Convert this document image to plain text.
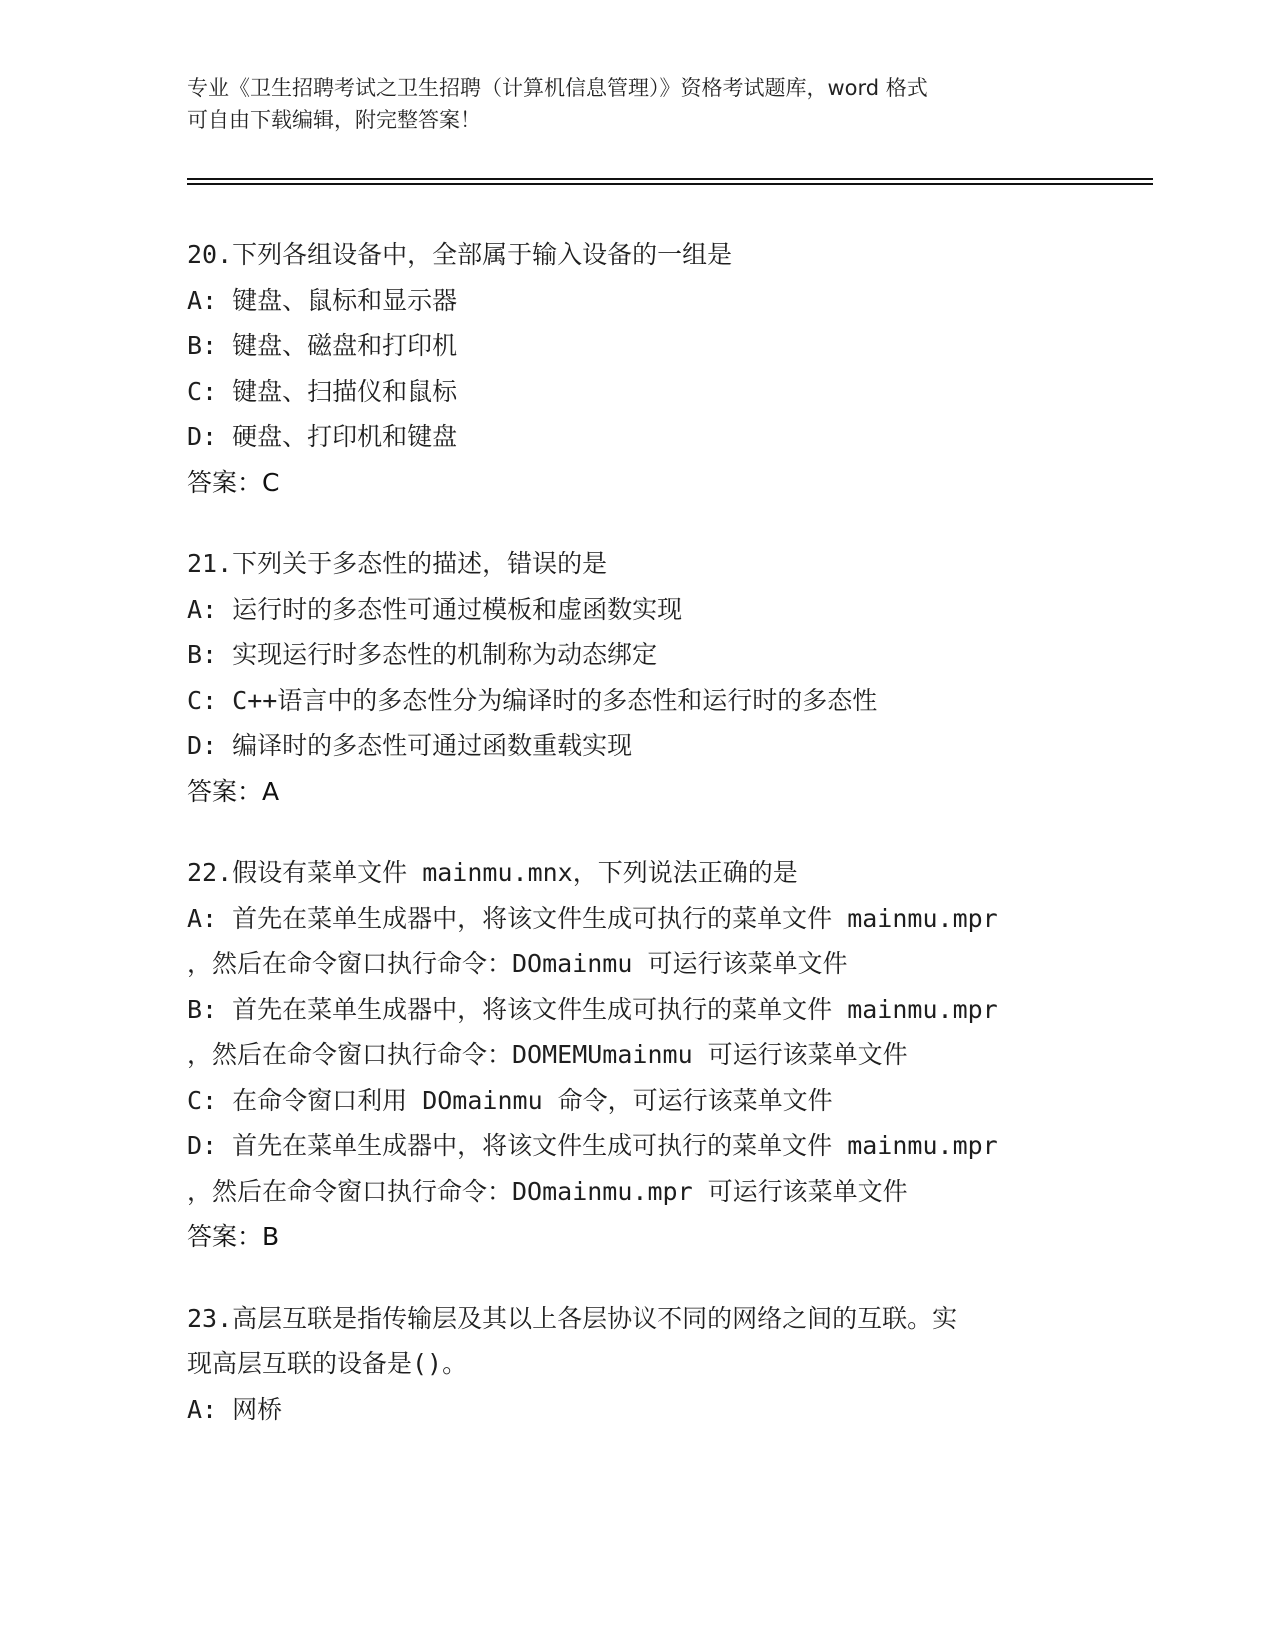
专业《卫生招聘考试之卫生招聘（计算机信息管理）》资格考试题库，word 格式
可自由下载编辑，附完整答案！
20.下列各组设备中，全部属于输入设备的一组是
A: 键盘、鼠标和显示器
B: 键盘、磁盘和打印机
C: 键盘、扫描仪和鼠标
D: 硬盘、打印机和键盘
答案：C
21.下列关于多态性的描述，错误的是
A: 运行时的多态性可通过模板和虚函数实现
B: 实现运行时多态性的机制称为动态绑定
C: C++语言中的多态性分为编译时的多态性和运行时的多态性
D: 编译时的多态性可通过函数重载实现
答案：A
22.假设有菜单文件 mainmu.mnx，下列说法正确的是
A: 首先在菜单生成器中，将该文件生成可执行的菜单文件 mainmu.mpr
，然后在命令窗口执行命令：DOmainmu 可运行该菜单文件
B: 首先在菜单生成器中，将该文件生成可执行的菜单文件 mainmu.mpr
，然后在命令窗口执行命令：DOMEMUmainmu 可运行该菜单文件
C: 在命令窗口利用 DOmainmu 命令，可运行该菜单文件
D: 首先在菜单生成器中，将该文件生成可执行的菜单文件 mainmu.mpr
，然后在命令窗口执行命令：DOmainmu.mpr 可运行该菜单文件
答案：B
23.高层互联是指传输层及其以上各层协议不同的网络之间的互联。实
现高层互联的设备是()。
A: 网桥
